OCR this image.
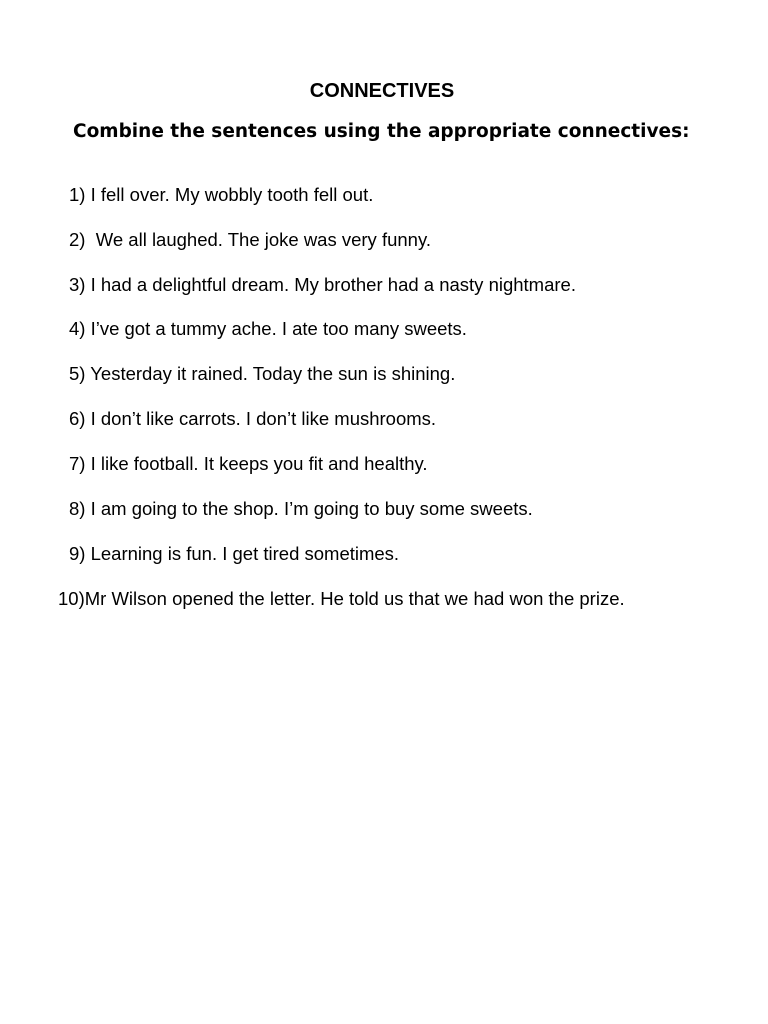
CONNECTIVES

Combine the sentences using the appropriate connectives:

1) I fell over. My wobbly tooth fell out.
2)  We all laughed. The joke was very funny.
3) I had a delightful dream. My brother had a nasty nightmare.
4) I’ve got a tummy ache. I ate too many sweets.
5) Yesterday it rained. Today the sun is shining.
6) I don’t like carrots. I don’t like mushrooms.
7) I like football. It keeps you fit and healthy.
8) I am going to the shop. I’m going to buy some sweets.
9) Learning is fun. I get tired sometimes.
10)Mr Wilson opened the letter. He told us that we had won the prize.
